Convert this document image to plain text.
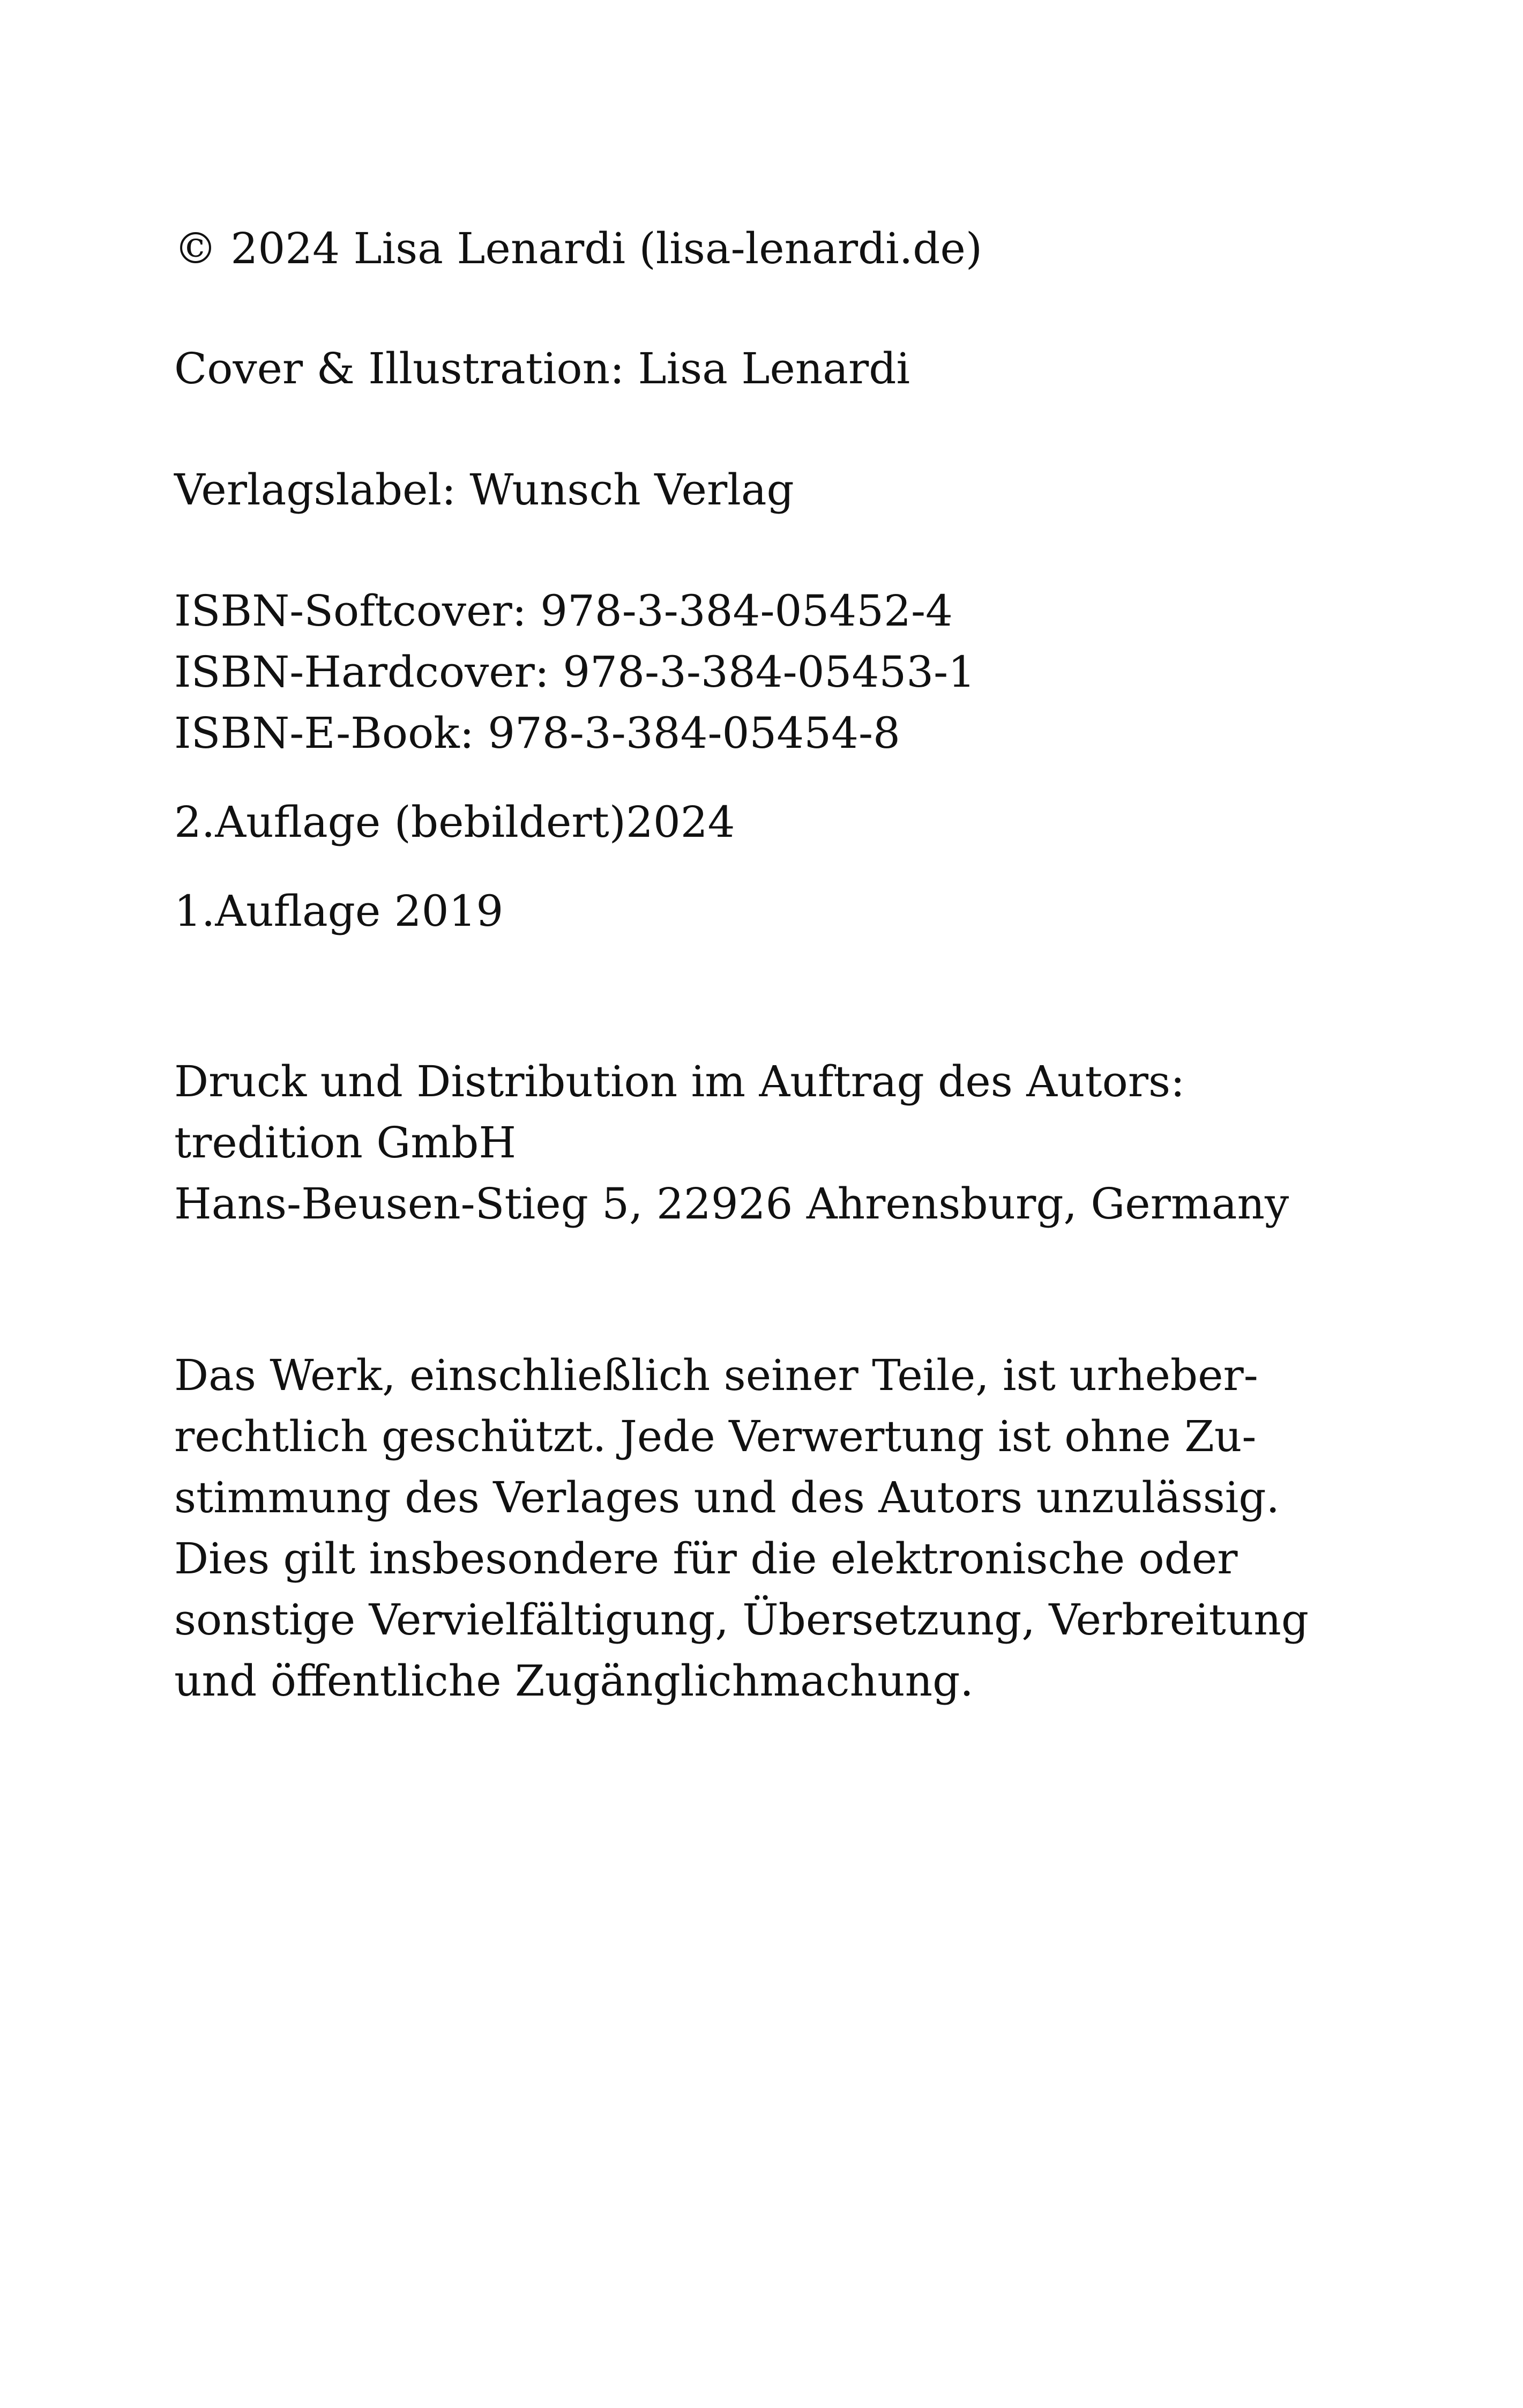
© 2024 Lisa Lenardi (lisa-lenardi.de)

Cover & Illustration: Lisa Lenardi

Verlagslabel: Wunsch Verlag

ISBN-Softcover: 978-3-384-05452-4

ISBN-Hardcover: 978-3-384-05453-1

ISBN-E-Book: 978-3-384-05454-8

2.Auflage (bebildert)2024

1.Auflage 2019

Druck und Distribution im Auftrag des Autors:

tredition GmbH

Hans-Beusen-Stieg 5, 22926 Ahrensburg, Germany

Das Werk, einschließlich seiner Teile, ist urheber-

rechtlich geschützt. Jede Verwertung ist ohne Zu-

stimmung des Verlages und des Autors unzulässig.

Dies gilt insbesondere für die elektronische oder

sonstige Vervielfältigung, Übersetzung, Verbreitung

und öffentliche Zugänglichmachung.
